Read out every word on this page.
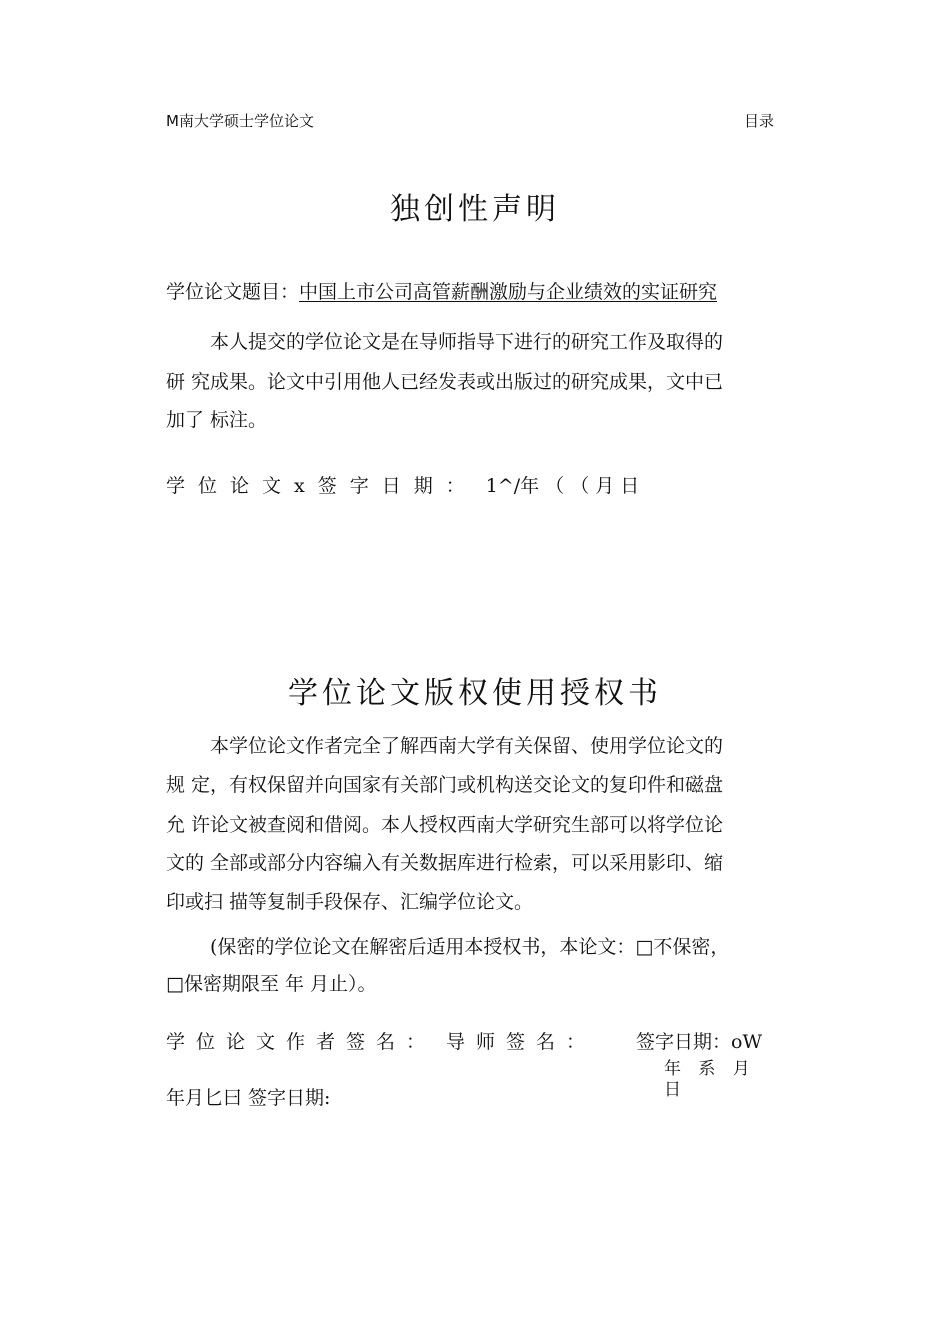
M南大学硕士学位论文	目录
独创性声明
学位论文题目：中国上市公司高管薪酬激励与企业绩效的实证研究
本人提交的学位论文是在导师指导下进行的研究工作及取得的
研 究成果。论文中引用他人已经发表或出版过的研究成果，文中已
加了 标注。
学位论文x签字日期： 1^/年 （ （ 月 日
学位论文版权使用授权书
本学位论文作者完全了解西南大学有关保留、使用学位论文的
规 定，有权保留并向国家有关部门或机构送交论文的复印件和磁盘
允 许论文被查阅和借阅。本人授权西南大学研究生部可以将学位论
文的 全部或部分内容编入有关数据库进行检索，可以采用影印、缩
印或扫 描等复制手段保存、汇编学位论文。
(保密的学位论文在解密后适用本授权书，本论文：□不保密，
□保密期限至 年 月止）。
学位论文作者签名： 导师签名： 签字日期：oW
年 系 月
日
年月匕曰 签字日期:
